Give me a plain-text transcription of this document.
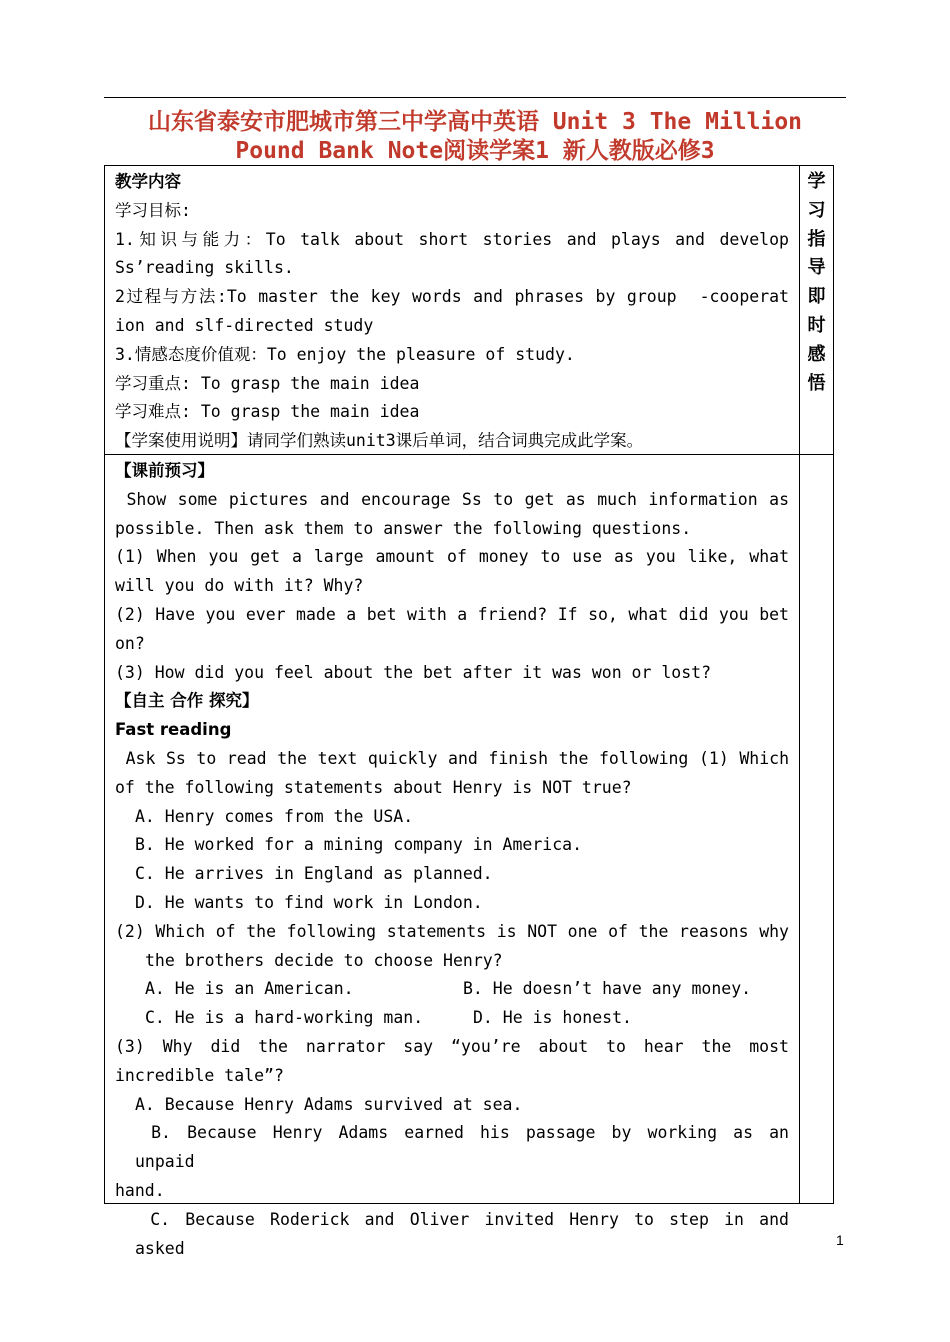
山东省泰安市肥城市第三中学高中英语 Unit 3 The Million
Pound Bank Note阅读学案1 新人教版必修3
教学内容
学习目标:
1.知识与能力：To talk about short stories and plays and develop
Ss’reading skills.
2过程与方法:To master the key words and phrases by group  -cooperat
ion and slf-directed study
3.情感态度价值观：To enjoy the pleasure of study.
学习重点: To grasp the main idea
学习难点: To grasp the main idea
【学案使用说明】请同学们熟读unit3课后单词，结合词典完成此学案。
学
习
指
导
即
时
感
悟
【课前预习】
Show some pictures and encourage Ss to get as much information as
possible. Then ask them to answer the following questions.
(1) When you get a large amount of money to use as you like, what
will you do with it? Why?
(2) Have you ever made a bet with a friend? If so, what did you bet
on?
(3) How did you feel about the bet after it was won or lost?
【自主 合作 探究】
Fast reading
Ask Ss to read the text quickly and finish the following (1) Which
of the following statements about Henry is NOT true?
A. Henry comes from the USA.
B. He worked for a mining company in America.
C. He arrives in England as planned.
D. He wants to find work in London.
(2) Which of the following statements is NOT one of the reasons why
the brothers decide to choose Henry?
A. He is an American.	B. He doesn’t have any money.
C. He is a hard-working man.	D. He is honest.
(3) Why did the narrator say “you’re about to hear the most
incredible tale”?
A. Because Henry Adams survived at sea.
B. Because Henry Adams earned his passage by working as an unpaid
hand.
C. Because Roderick and Oliver invited Henry to step in and asked	1
